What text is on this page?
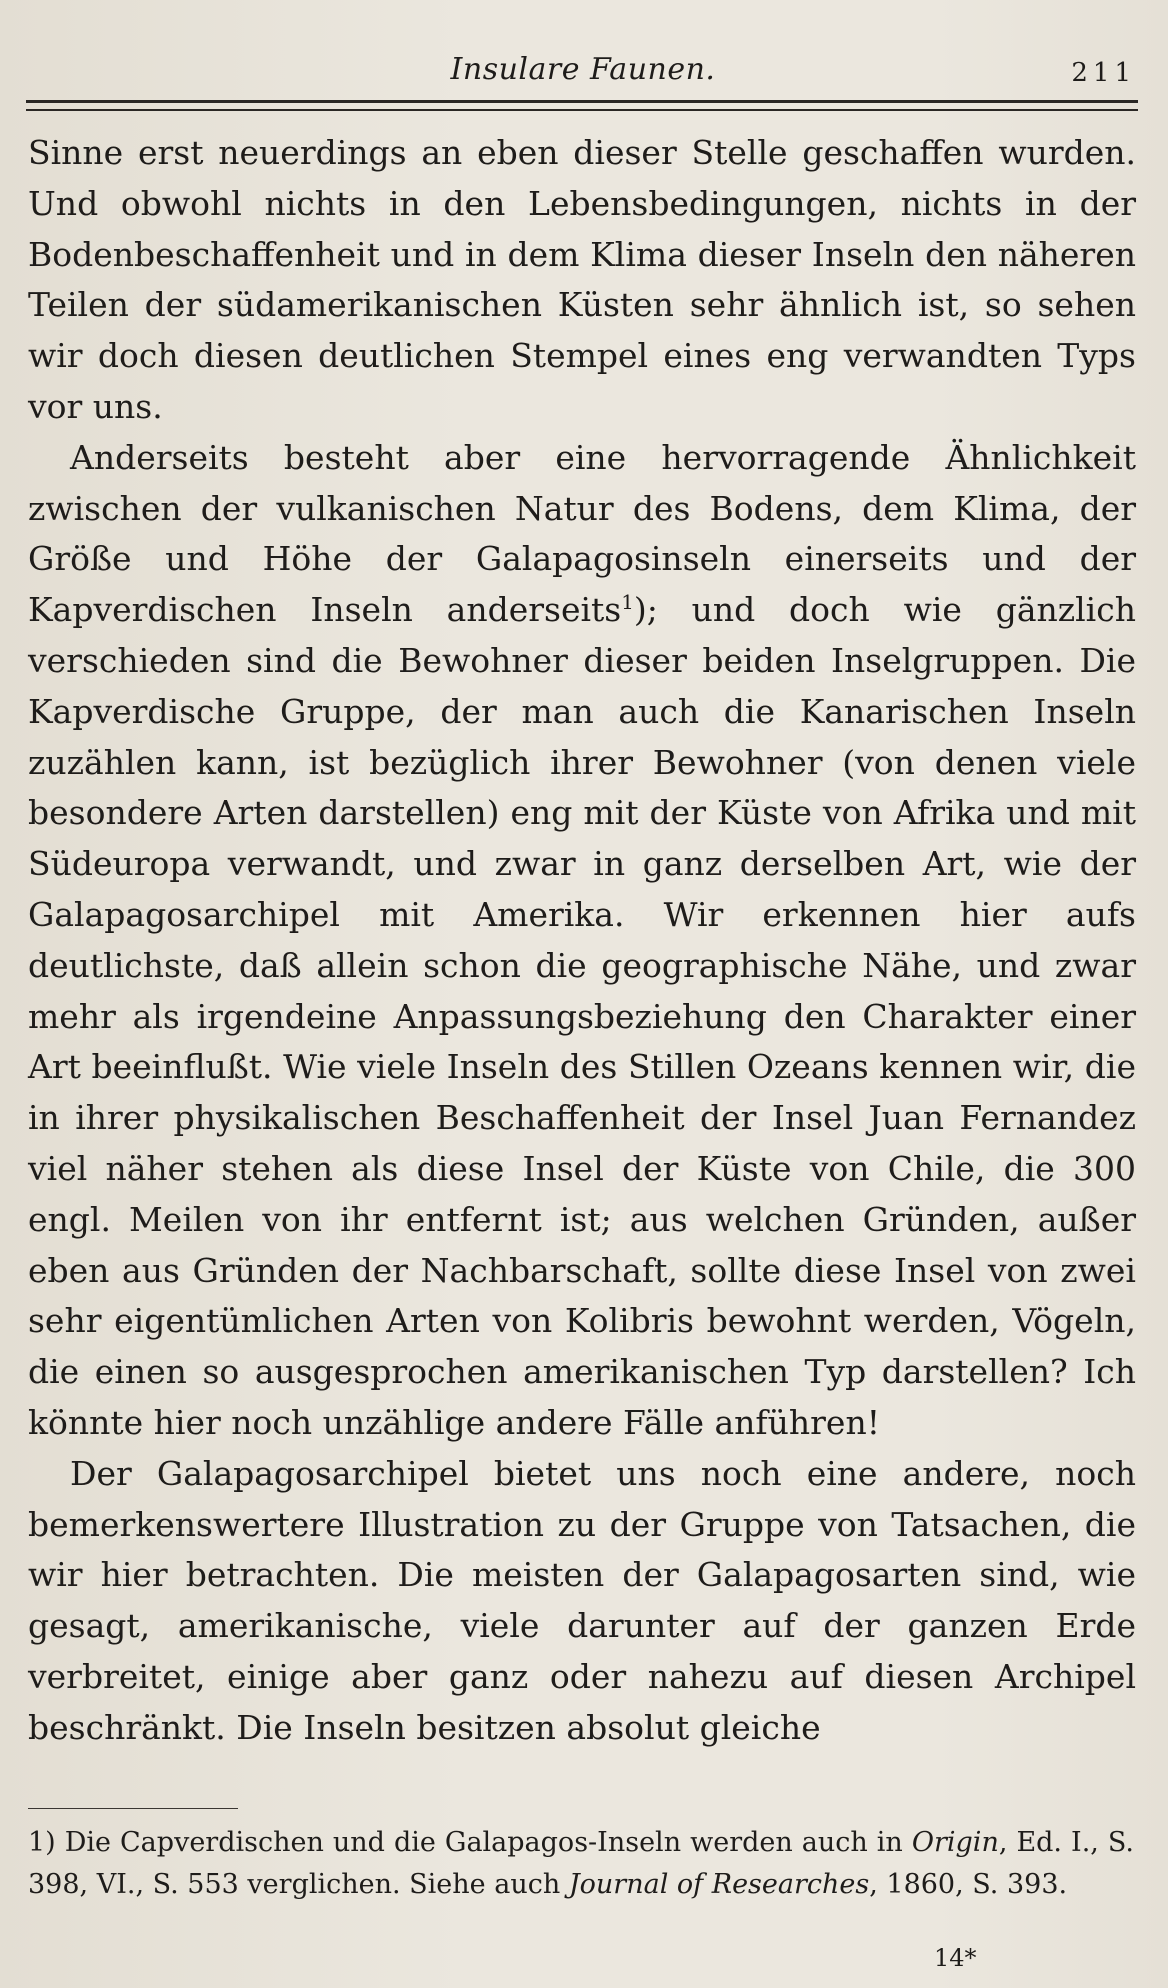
Insulare Faunen.	211

Sinne erst neuerdings an eben dieser Stelle geschaffen wurden. Und obwohl nichts in den Lebensbedingungen, nichts in der Bodenbeschaffenheit und in dem Klima dieser Inseln den näheren Teilen der südamerikanischen Küsten sehr ähnlich ist, so sehen wir doch diesen deutlichen Stempel eines eng verwandten Typs vor uns.

Anderseits besteht aber eine hervorragende Ähnlichkeit zwischen der vulkanischen Natur des Bodens, dem Klima, der Größe und Höhe der Galapagosinseln einerseits und der Kapverdischen Inseln anderseits$^1$); und doch wie gänzlich verschieden sind die Bewohner dieser beiden Inselgruppen. Die Kapverdische Gruppe, der man auch die Kanarischen Inseln zuzählen kann, ist bezüglich ihrer Bewohner (von denen viele besondere Arten darstellen) eng mit der Küste von Afrika und mit Südeuropa verwandt, und zwar in ganz derselben Art, wie der Galapagosarchipel mit Amerika. Wir erkennen hier aufs deutlichste, daß allein schon die geographische Nähe, und zwar mehr als irgendeine Anpassungsbeziehung den Charakter einer Art beeinflußt. Wie viele Inseln des Stillen Ozeans kennen wir, die in ihrer physikalischen Beschaffenheit der Insel Juan Fernandez viel näher stehen als diese Insel der Küste von Chile, die 300 engl. Meilen von ihr entfernt ist; aus welchen Gründen, außer eben aus Gründen der Nachbarschaft, sollte diese Insel von zwei sehr eigentümlichen Arten von Kolibris bewohnt werden, Vögeln, die einen so ausgesprochen amerikanischen Typ darstellen? Ich könnte hier noch unzählige andere Fälle anführen!

Der Galapagosarchipel bietet uns noch eine andere, noch bemerkenswertere Illustration zu der Gruppe von Tatsachen, die wir hier betrachten. Die meisten der Galapagosarten sind, wie gesagt, amerikanische, viele darunter auf der ganzen Erde verbreitet, einige aber ganz oder nahezu auf diesen Archipel beschränkt. Die Inseln besitzen absolut gleiche

1) Die Capverdischen und die Galapagos-Inseln werden auch in Origin, Ed. I., S. 398, VI., S. 553 verglichen. Siehe auch Journal of Researches, 1860, S. 393.
14*
